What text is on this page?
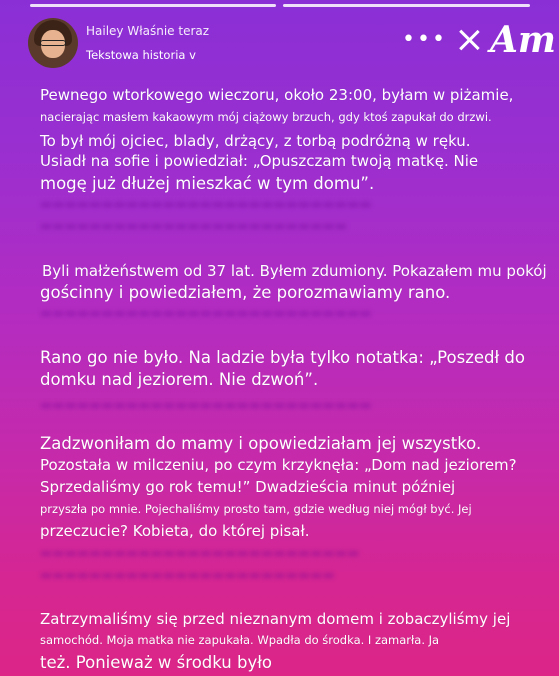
Hailey Właśnie teraz
Tekstowa historia v
••• Am
▬▬▬▬▬▬▬▬▬▬▬▬▬▬▬▬▬▬▬▬▬▬▬▬▬▬▬
▬▬▬▬▬▬▬▬▬▬▬▬▬▬▬▬▬▬▬▬▬▬▬▬▬
▬▬▬▬▬▬▬▬▬▬▬▬▬▬▬▬▬▬▬▬▬▬▬▬▬▬▬
▬▬▬▬▬▬▬▬▬▬▬▬▬▬▬▬▬▬▬▬▬▬▬▬▬▬▬
▬▬▬▬▬▬▬▬▬▬▬▬▬▬▬▬▬▬▬▬▬▬▬▬▬▬
▬▬▬▬▬▬▬▬▬▬▬▬▬▬▬▬▬▬▬▬▬▬▬▬
Pewnego wtorkowego wieczoru, około 23:00, byłam w piżamie,
nacierając masłem kakaowym mój ciążowy brzuch, gdy ktoś zapukał do drzwi.
To był mój ojciec, blady, drżący, z torbą podróżną w ręku.
Usiadł na sofie i powiedział: „Opuszczam twoją matkę. Nie
mogę już dłużej mieszkać w tym domu”.
Byli małżeństwem od 37 lat. Byłem zdumiony. Pokazałem mu pokój
gościnny i powiedziałem, że porozmawiamy rano.
Rano go nie było. Na ladzie była tylko notatka: „Poszedł do
domku nad jeziorem. Nie dzwoń”.
Zadzwoniłam do mamy i opowiedziałam jej wszystko.
Pozostała w milczeniu, po czym krzyknęła: „Dom nad jeziorem?
Sprzedaliśmy go rok temu!” Dwadzieścia minut później
przyszła po mnie. Pojechaliśmy prosto tam, gdzie według niej mógł być. Jej
przeczucie? Kobieta, do której pisał.
Zatrzymaliśmy się przed nieznanym domem i zobaczyliśmy jej
samochód. Moja matka nie zapukała. Wpadła do środka. I zamarła. Ja
też. Ponieważ w środku było
